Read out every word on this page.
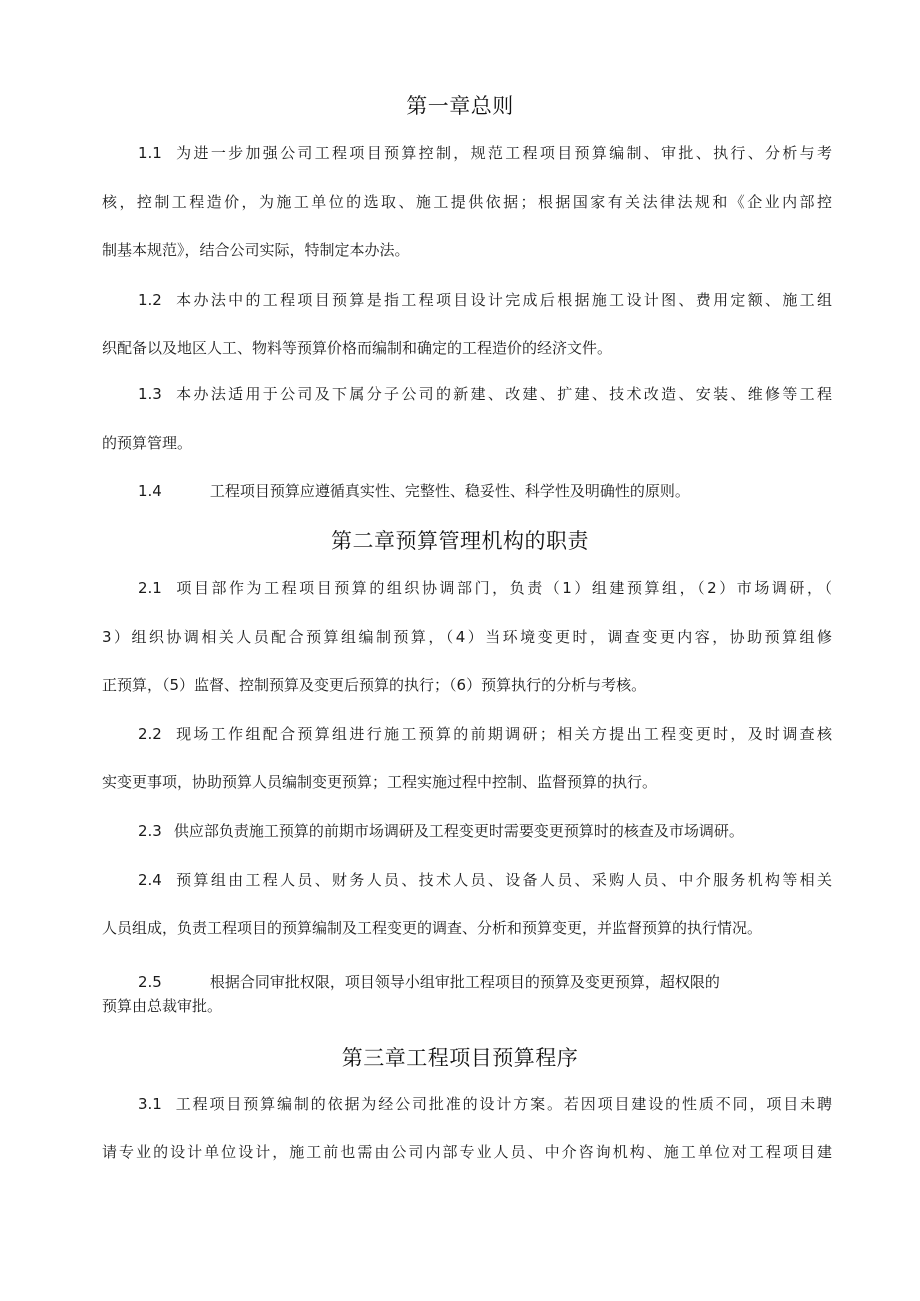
第一章总则

1.1 为进一步加强公司工程项目预算控制，规范工程项目预算编制、审批、执行、分析与考

核，控制工程造价，为施工单位的选取、施工提供依据；根据国家有关法律法规和《企业内部控

制基本规范》，结合公司实际，特制定本办法。

1.2 本办法中的工程项目预算是指工程项目设计完成后根据施工设计图、费用定额、施工组

织配备以及地区人工、物料等预算价格而编制和确定的工程造价的经济文件。

1.3 本办法适用于公司及下属分子公司的新建、改建、扩建、技术改造、安装、维修等工程

的预算管理。

1.4	工程项目预算应遵循真实性、完整性、稳妥性、科学性及明确性的原则。

第二章预算管理机构的职责

2.1 项目部作为工程项目预算的组织协调部门，负责（1）组建预算组，（2）市场调研，（

3）组织协调相关人员配合预算组编制预算，（4）当环境变更时，调查变更内容，协助预算组修

正预算，（5）监督、控制预算及变更后预算的执行；（6）预算执行的分析与考核。

2.2 现场工作组配合预算组进行施工预算的前期调研；相关方提出工程变更时，及时调查核

实变更事项，协助预算人员编制变更预算；工程实施过程中控制、监督预算的执行。

2.3 供应部负责施工预算的前期市场调研及工程变更时需要变更预算时的核查及市场调研。

2.4 预算组由工程人员、财务人员、技术人员、设备人员、采购人员、中介服务机构等相关

人员组成，负责工程项目的预算编制及工程变更的调查、分析和预算变更，并监督预算的执行情况。

2.5	根据合同审批权限，项目领导小组审批工程项目的预算及变更预算，超权限的

预算由总裁审批。

第三章工程项目预算程序

3.1 工程项目预算编制的依据为经公司批准的设计方案。若因项目建设的性质不同，项目未聘

请专业的设计单位设计，施工前也需由公司内部专业人员、中介咨询机构、施工单位对工程项目建
